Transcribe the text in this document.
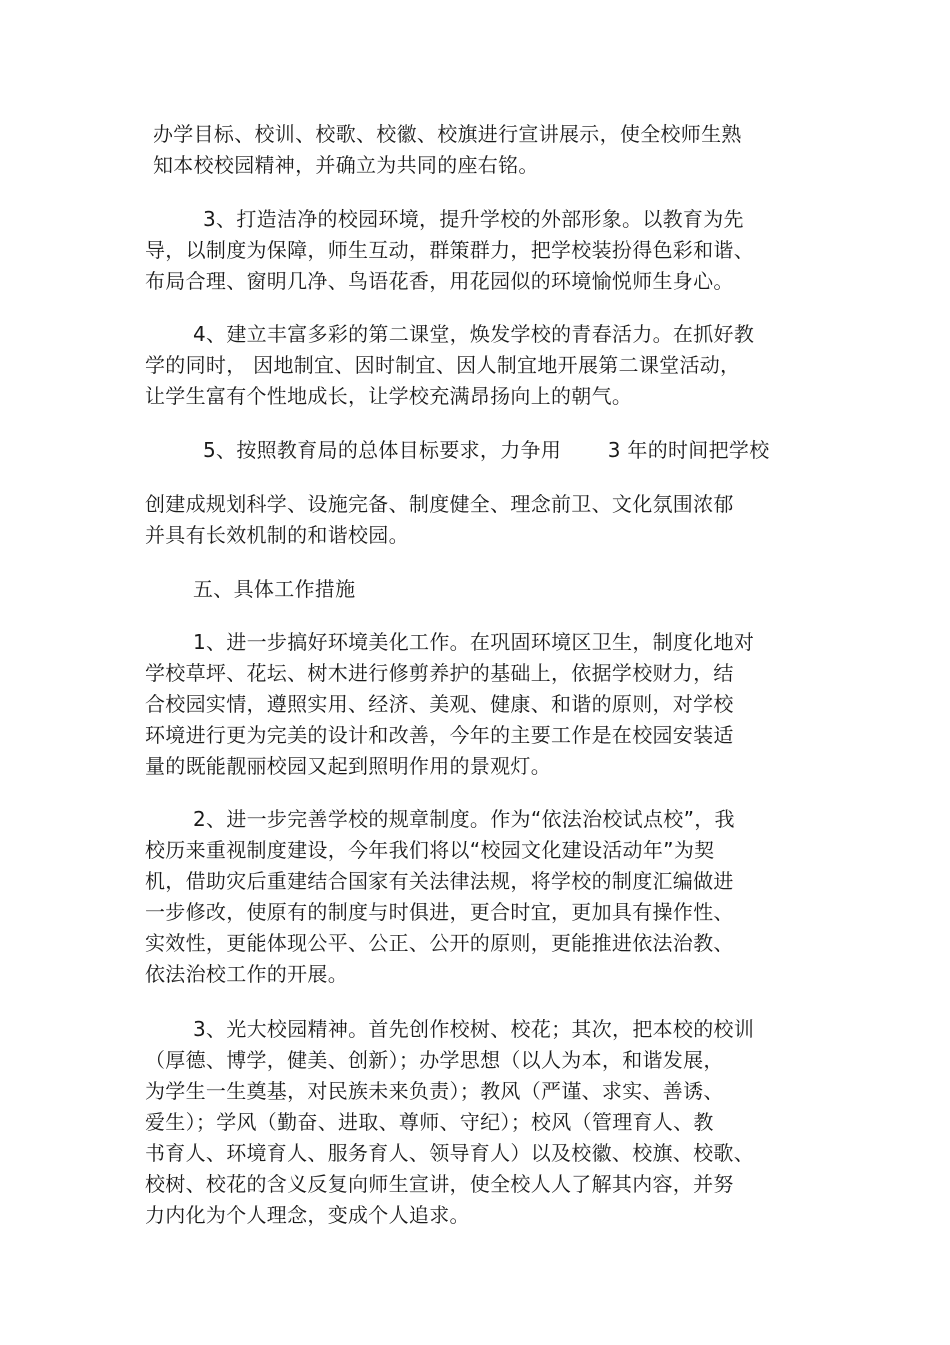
办学目标、校训、校歌、校徽、校旗进行宣讲展示，使全校师生熟
知本校校园精神，并确立为共同的座右铭。
3、打造洁净的校园环境，提升学校的外部形象。以教育为先
导，以制度为保障，师生互动，群策群力，把学校装扮得色彩和谐、
布局合理、窗明几净、鸟语花香，用花园似的环境愉悦师生身心。
4、建立丰富多彩的第二课堂，焕发学校的青春活力。在抓好教
学的同时， 因地制宜、因时制宜、因人制宜地开展第二课堂活动，
让学生富有个性地成长，让学校充满昂扬向上的朝气。
5、按照教育局的总体目标要求，力争用       3 年的时间把学校
创建成规划科学、设施完备、制度健全、理念前卫、文化氛围浓郁
并具有长效机制的和谐校园。
五、具体工作措施
1、进一步搞好环境美化工作。在巩固环境区卫生，制度化地对
学校草坪、花坛、树木进行修剪养护的基础上，依据学校财力，结
合校园实情，遵照实用、经济、美观、健康、和谐的原则，对学校
环境进行更为完美的设计和改善，今年的主要工作是在校园安装适
量的既能靓丽校园又起到照明作用的景观灯。
2、进一步完善学校的规章制度。作为“依法治校试点校”，我
校历来重视制度建设，今年我们将以“校园文化建设活动年”为契
机，借助灾后重建结合国家有关法律法规，将学校的制度汇编做进
一步修改，使原有的制度与时俱进，更合时宜，更加具有操作性、
实效性，更能体现公平、公正、公开的原则，更能推进依法治教、
依法治校工作的开展。
3、光大校园精神。首先创作校树、校花；其次，把本校的校训
（厚德、博学，健美、创新）；办学思想（以人为本，和谐发展，
为学生一生奠基，对民族未来负责）；教风（严谨、求实、善诱、
爱生）；学风（勤奋、进取、尊师、守纪）；校风（管理育人、教
书育人、环境育人、服务育人、领导育人）以及校徽、校旗、校歌、
校树、校花的含义反复向师生宣讲，使全校人人了解其内容，并努
力内化为个人理念，变成个人追求。
